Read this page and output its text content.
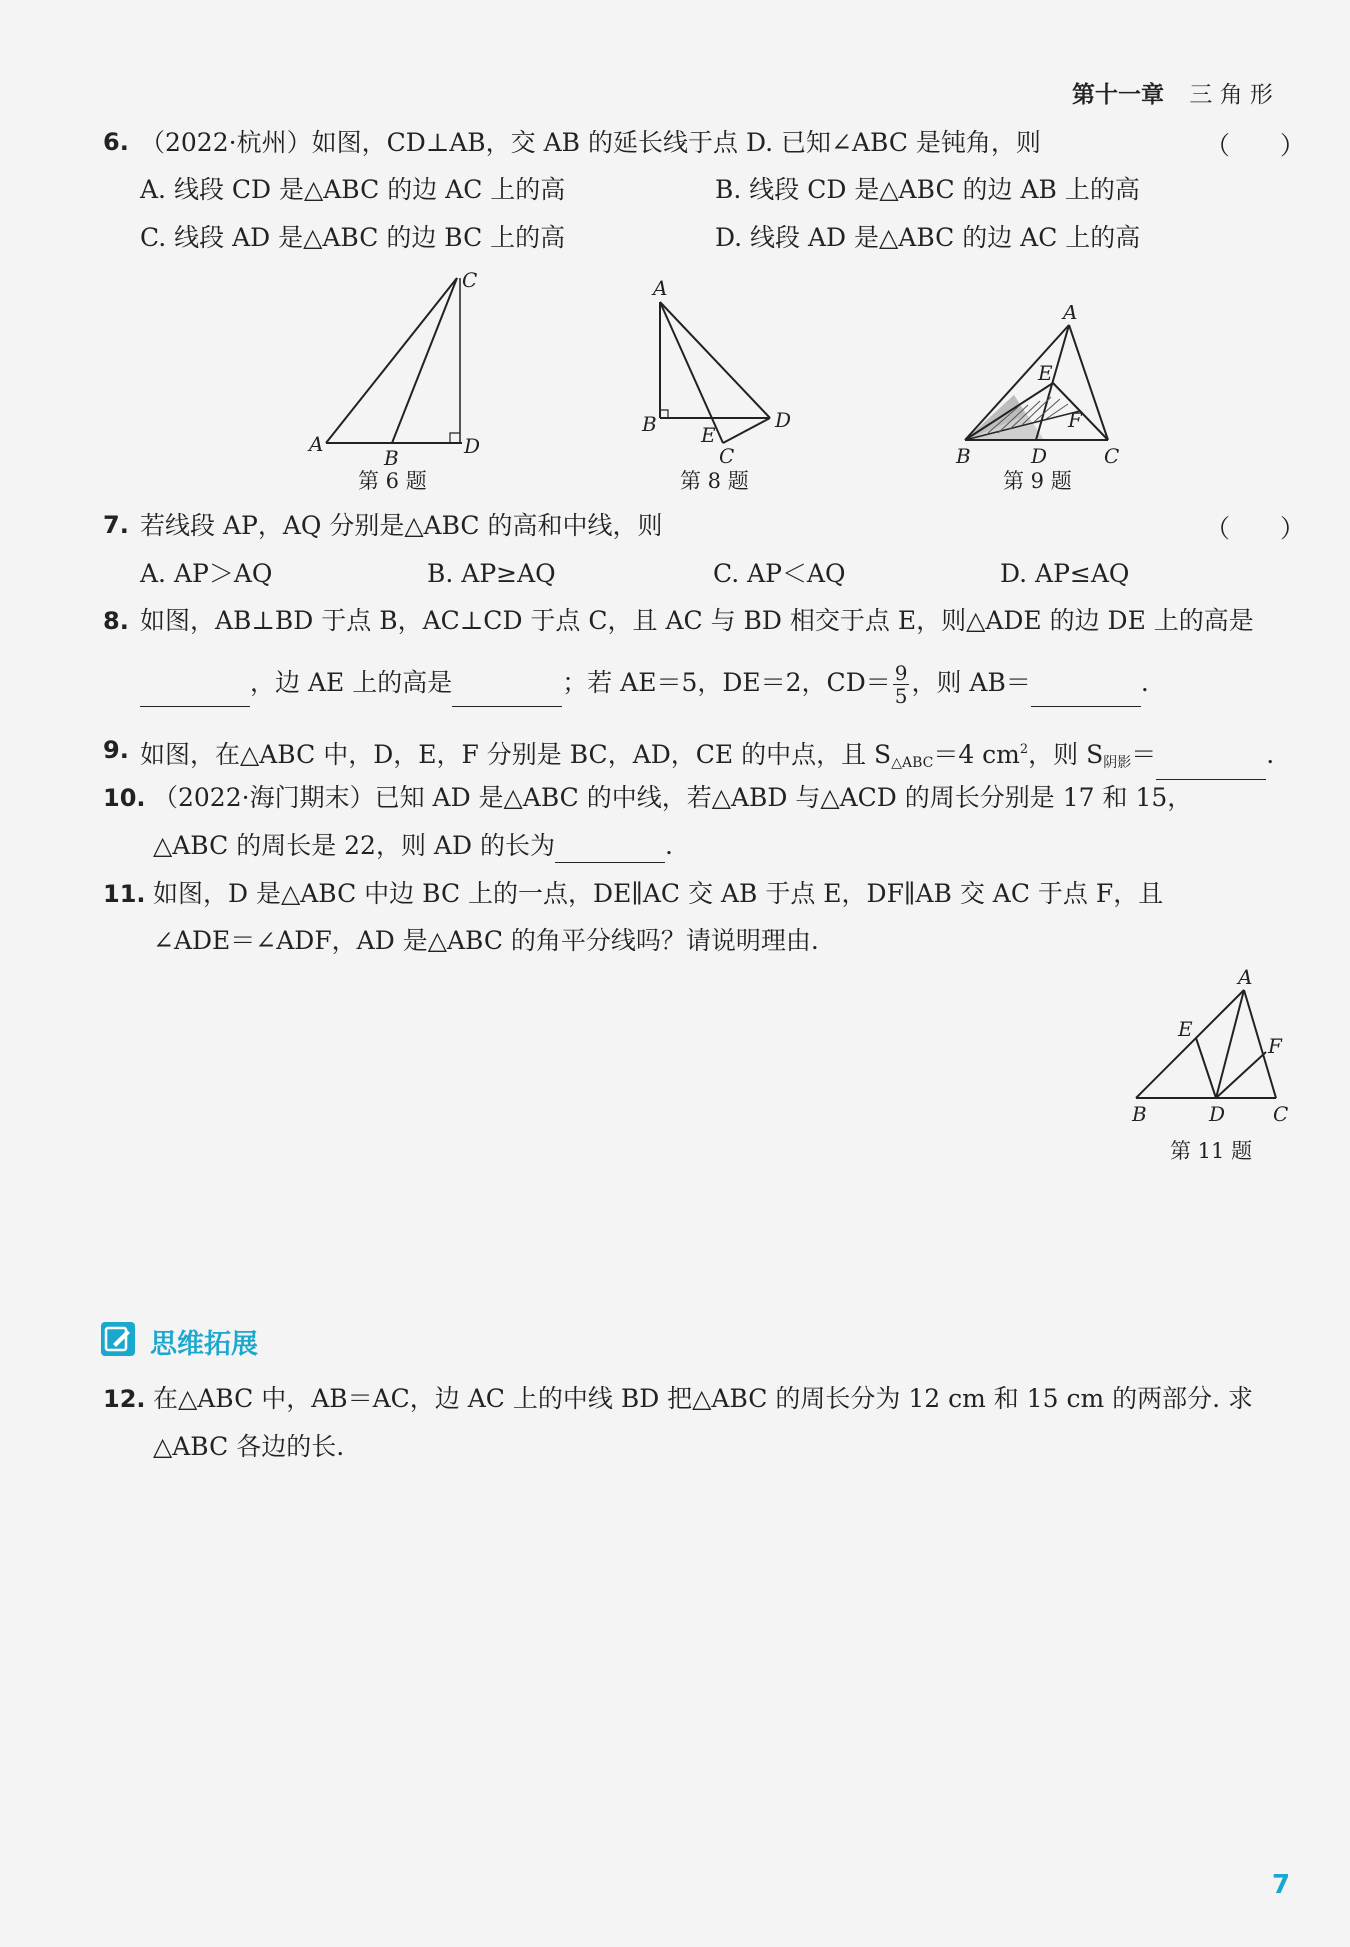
第十一章 三 角 形
6. （2022·杭州）如图，CD⊥AB，交 AB 的延长线于点 D. 已知∠ABC 是钝角，则	（　　）
A. 线段 CD 是△ABC 的边 AC 上的高	B. 线段 CD 是△ABC 的边 AB 上的高
C. 线段 AD 是△ABC 的边 BC 上的高	D. 线段 AD 是△ABC 的边 AC 上的高
C
A
B	D
第 6 题
A
B E
C
D
第 8 题
A
E
F
B	D	C
第 9 题
7. 若线段 AP，AQ 分别是△ABC 的高和中线，则	（　　）
A. AP＞AQ	B. AP≥AQ	C. AP＜AQ	D. AP≤AQ
8. 如图，AB⊥BD 于点 B，AC⊥CD 于点 C，且 AC 与 BD 相交于点 E，则△ADE 的边 DE 上的高是
，边 AE 上的高是	；若 AE＝5，DE＝2，$CD= \frac{9}{5}$ ，则 AB＝	.
9. 如图，在△ABC 中，D，E，F 分别是 BC，AD，CE 的中点，且 $S_{\triangle ABC}=4$ $cm^2$，则 $S_{阴影}=$	.
10. （2022·海门期末）已知 AD 是△ABC 的中线，若△ABD 与△ACD 的周长分别是 17 和 15，
△ABC 的周长是 22，则 AD 的长为	.
11. 如图，D 是△ABC 中边 BC 上的一点，DE∥AC 交 AB 于点 E，DF∥AB 交 AC 于点 F，且
∠ADE＝∠ADF，AD 是△ABC 的角平分线吗？请说明理由.
A
E
F
B	D C
第 11 题
思维拓展
12. 在△ABC 中，AB＝AC，边 AC 上的中线 BD 把△ABC 的周长分为 12 cm 和 15 cm 的两部分. 求
△ABC 各边的长.
7
